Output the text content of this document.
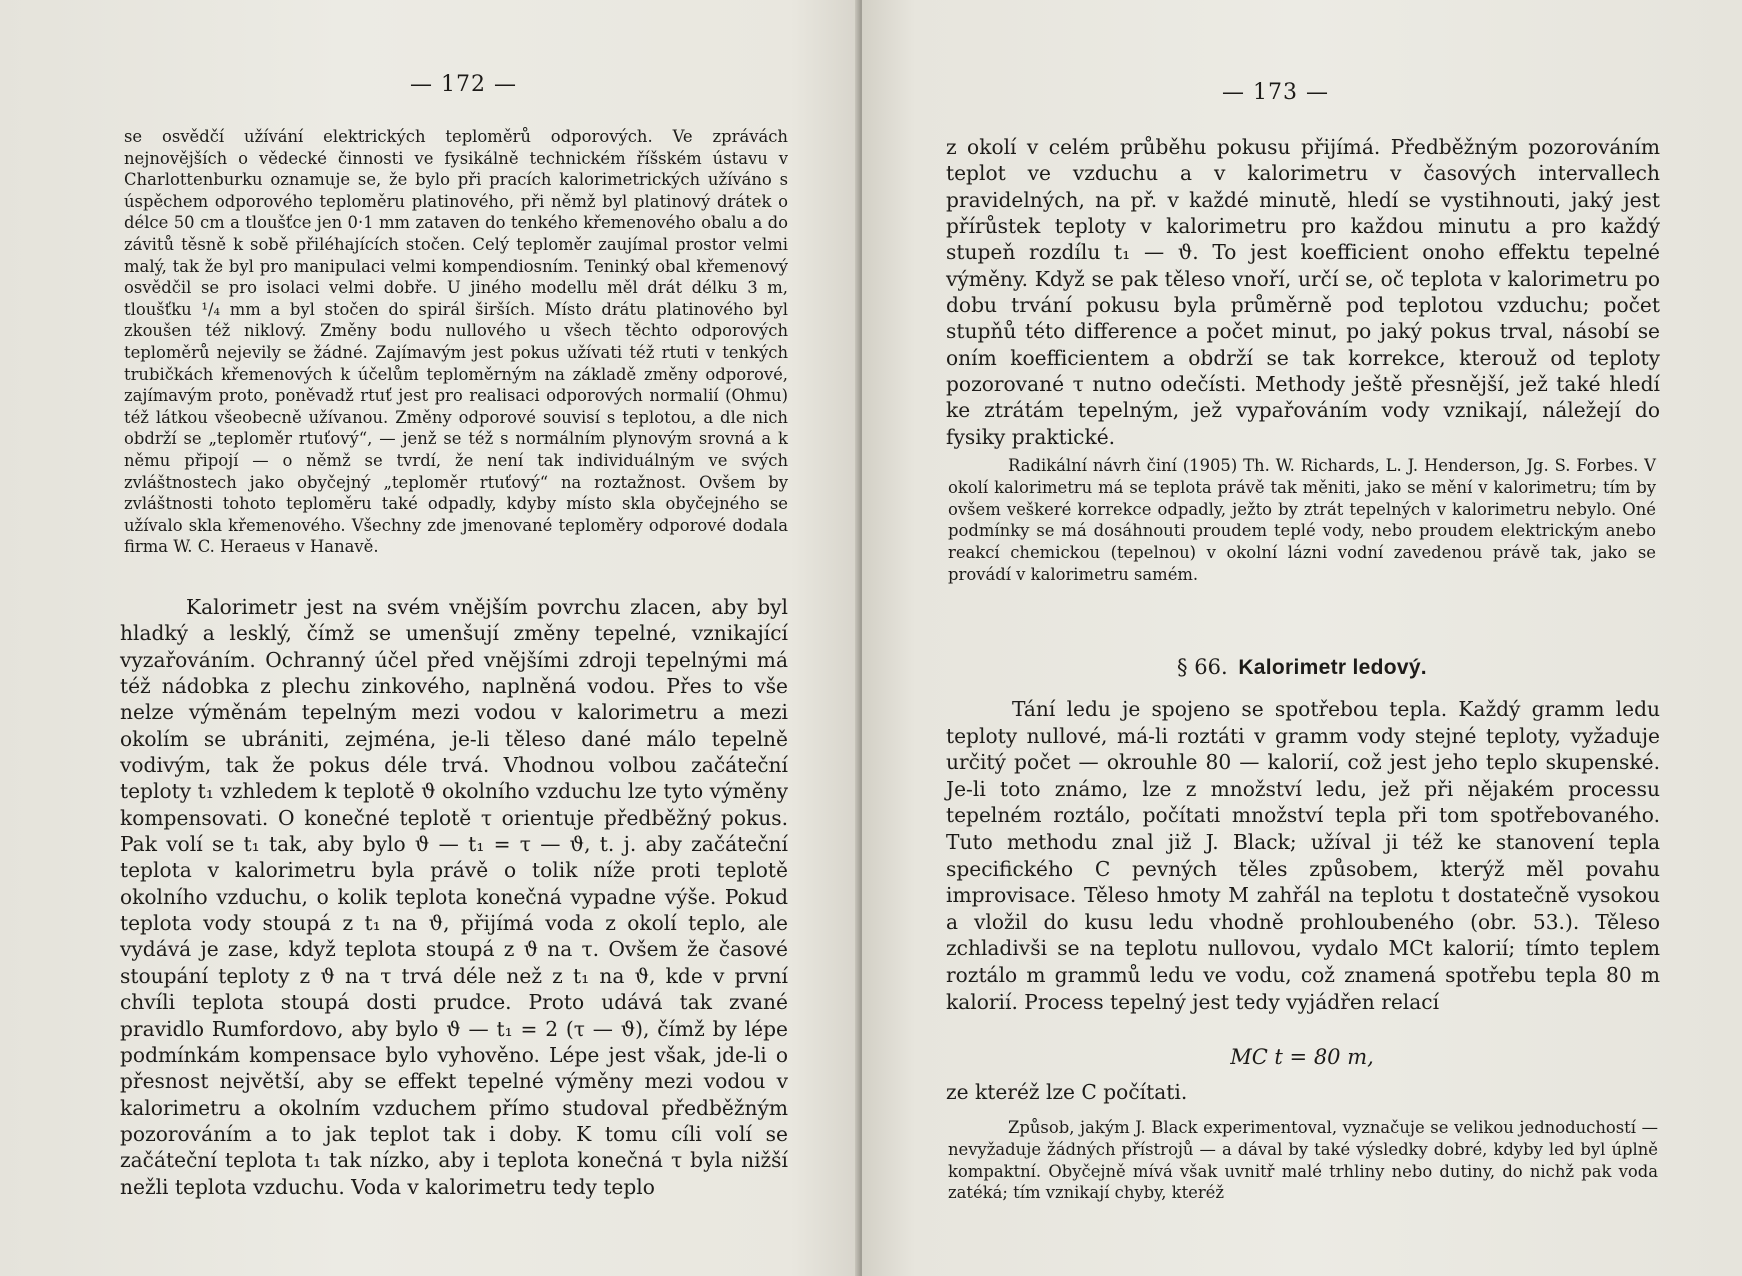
— 172 —

se osvědčí užívání elektrických teploměrů odporových. Ve zprávách nejnovějších o vědecké činnosti ve fysikálně technickém říšském ústavu v Charlottenburku oznamuje se, že bylo při pracích kalorimetrických užíváno s úspěchem odporového teploměru platinového, při němž byl platinový drátek o délce 50 cm a tloušťce jen 0·1 mm zataven do tenkého křemenového obalu a do závitů těsně k sobě přiléhajících stočen. Celý teploměr zaujímal prostor velmi malý, tak že byl pro manipulaci velmi kompendiosním. Teninký obal křemenový osvědčil se pro isolaci velmi dobře. U jiného modellu měl drát délku 3 m, tloušťku ¹/₄ mm a byl stočen do spirál širších. Místo drátu platinového byl zkoušen též niklový. Změny bodu nullového u všech těchto odporových teploměrů nejevily se žádné. Zajímavým jest pokus užívati též rtuti v tenkých trubičkách křemenových k účelům teploměrným na základě změny odporové, zajímavým proto, poněvadž rtuť jest pro realisaci odporových normalií (Ohmu) též látkou všeobecně užívanou. Změny odporové souvisí s teplotou, a dle nich obdrží se „teploměr rtuťový“, — jenž se též s normálním plynovým srovná a k němu připojí — o němž se tvrdí, že není tak individuálným ve svých zvláštnostech jako obyčejný „teploměr rtuťový“ na roztažnost. Ovšem by zvláštnosti tohoto teploměru také odpadly, kdyby místo skla obyčejného se užívalo skla křemenového. Všechny zde jmenované teploměry odporové dodala firma W. C. Heraeus v Hanavě.

Kalorimetr jest na svém vnějším povrchu zlacen, aby byl hladký a lesklý, čímž se umenšují změny tepelné, vznikající vyzařováním. Ochranný účel před vnějšími zdroji tepelnými má též nádobka z plechu zinkového, naplněná vodou. Přes to vše nelze výměnám tepelným mezi vodou v kalorimetru a mezi okolím se ubrániti, zejména, je-li těleso dané málo tepelně vodivým, tak že pokus déle trvá. Vhodnou volbou začáteční teploty t₁ vzhledem k teplotě ϑ okolního vzduchu lze tyto výměny kompensovati. O konečné teplotě τ orientuje předběžný pokus. Pak volí se t₁ tak, aby bylo ϑ — t₁ = τ — ϑ, t. j. aby začáteční teplota v kalorimetru byla právě o tolik níže proti teplotě okolního vzduchu, o kolik teplota konečná vypadne výše. Pokud teplota vody stoupá z t₁ na ϑ, přijímá voda z okolí teplo, ale vydává je zase, když teplota stoupá z ϑ na τ. Ovšem že časové stoupání teploty z ϑ na τ trvá déle než z t₁ na ϑ, kde v první chvíli teplota stoupá dosti prudce. Proto udává tak zvané pravidlo Rumfordovo, aby bylo ϑ — t₁ = 2 (τ — ϑ), čímž by lépe podmínkám kompensace bylo vyhověno. Lépe jest však, jde-li o přesnost největší, aby se effekt tepelné výměny mezi vodou v kalorimetru a okolním vzduchem přímo studoval předběžným pozorováním a to jak teplot tak i doby. K tomu cíli volí se začáteční teplota t₁ tak nízko, aby i teplota konečná τ byla nižší nežli teplota vzduchu. Voda v kalorimetru tedy teplo

— 173 —

z okolí v celém průběhu pokusu přijímá. Předběžným pozorováním teplot ve vzduchu a v kalorimetru v časových intervallech pravidelných, na př. v každé minutě, hledí se vystihnouti, jaký jest přírůstek teploty v kalorimetru pro každou minutu a pro každý stupeň rozdílu t₁ — ϑ. To jest koefficient onoho effektu tepelné výměny. Když se pak těleso vnoří, určí se, oč teplota v kalorimetru po dobu trvání pokusu byla průměrně pod teplotou vzduchu; počet stupňů této difference a počet minut, po jaký pokus trval, násobí se oním koefficientem a obdrží se tak korrekce, kterouž od teploty pozorované τ nutno odečísti. Methody ještě přesnější, jež také hledí ke ztrátám tepelným, jež vypařováním vody vznikají, náležejí do fysiky praktické.

Radikální návrh činí (1905) Th. W. Richards, L. J. Henderson, Jg. S. Forbes. V okolí kalorimetru má se teplota právě tak měniti, jako se mění v kalorimetru; tím by ovšem veškeré korrekce odpadly, ježto by ztrát tepelných v kalorimetru nebylo. Oné podmínky se má dosáhnouti proudem teplé vody, nebo proudem elektrickým anebo reakcí chemickou (tepelnou) v okolní lázni vodní zavedenou právě tak, jako se provádí v kalorimetru samém.

§ 66. Kalorimetr ledový.

Tání ledu je spojeno se spotřebou tepla. Každý gramm ledu teploty nullové, má-li roztáti v gramm vody stejné teploty, vyžaduje určitý počet — okrouhle 80 — kalorií, což jest jeho teplo skupenské. Je-li toto známo, lze z množství ledu, jež při nějakém processu tepelném roztálo, počítati množství tepla při tom spotřebovaného. Tuto methodu znal již J. Black; užíval ji též ke stanovení tepla specifického C pevných těles způsobem, kterýž měl povahu improvisace. Těleso hmoty M zahřál na teplotu t dostatečně vysokou a vložil do kusu ledu vhodně prohloubeného (obr. 53.). Těleso zchladivši se na teplotu nullovou, vydalo MCt kalorií; tímto teplem roztálo m grammů ledu ve vodu, což znamená spotřebu tepla 80 m kalorií. Process tepelný jest tedy vyjádřen relací

MC t = 80 m,

ze kteréž lze C počítati.

Způsob, jakým J. Black experimentoval, vyznačuje se velikou jednoduchostí — nevyžaduje žádných přístrojů — a dával by také výsledky dobré, kdyby led byl úplně kompaktní. Obyčejně mívá však uvnitř malé trhliny nebo dutiny, do nichž pak voda zatéká; tím vznikají chyby, kteréž
